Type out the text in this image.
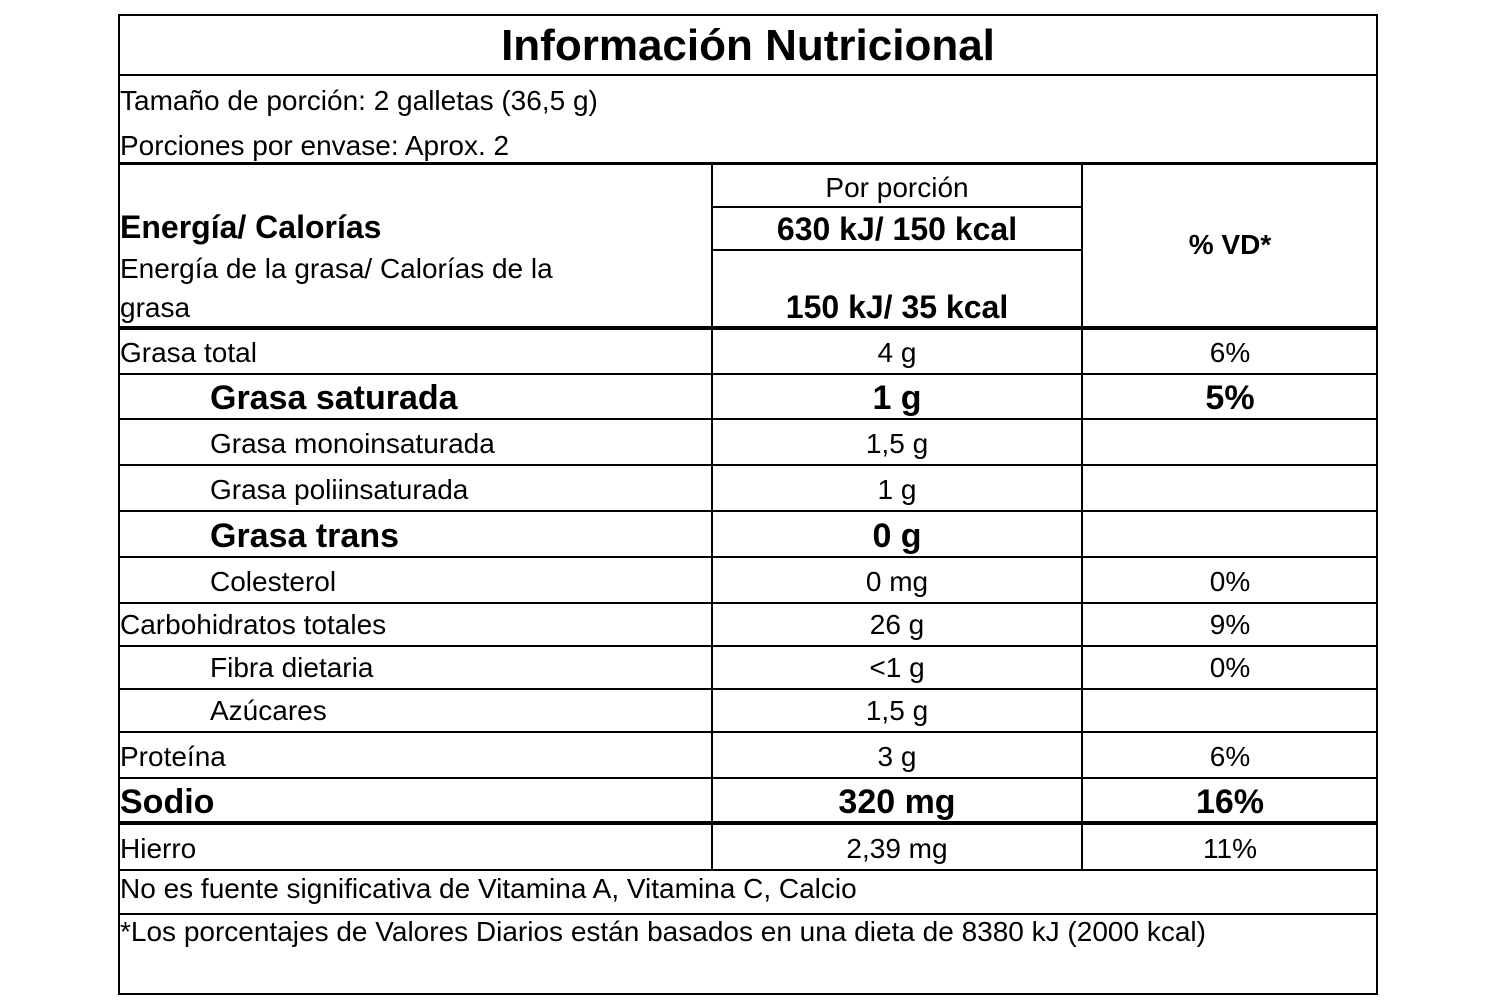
Información Nutricional
Tamaño de porción: 2 galletas (36,5 g)
Porciones por envase: Aprox. 2
Por porción
Energía/ Calorías	630 kJ/ 150 kcal	% VD*
Energía de la grasa/ Calorías de la
grasa	150 kJ/ 35 kcal
Grasa total	4 g	6%
Grasa saturada	1 g	5%
Grasa monoinsaturada	1,5 g
Grasa poliinsaturada	1 g
Grasa trans	0 g
Colesterol	0 mg	0%
Carbohidratos totales	26 g	9%
Fibra dietaria	<1 g	0%
Azúcares	1,5 g
Proteína	3 g	6%
Sodio	320 mg	16%
Hierro	2,39 mg	11%
No es fuente significativa de Vitamina A, Vitamina C, Calcio
*Los porcentajes de Valores Diarios están basados en una dieta de 8380 kJ (2000 kcal)
